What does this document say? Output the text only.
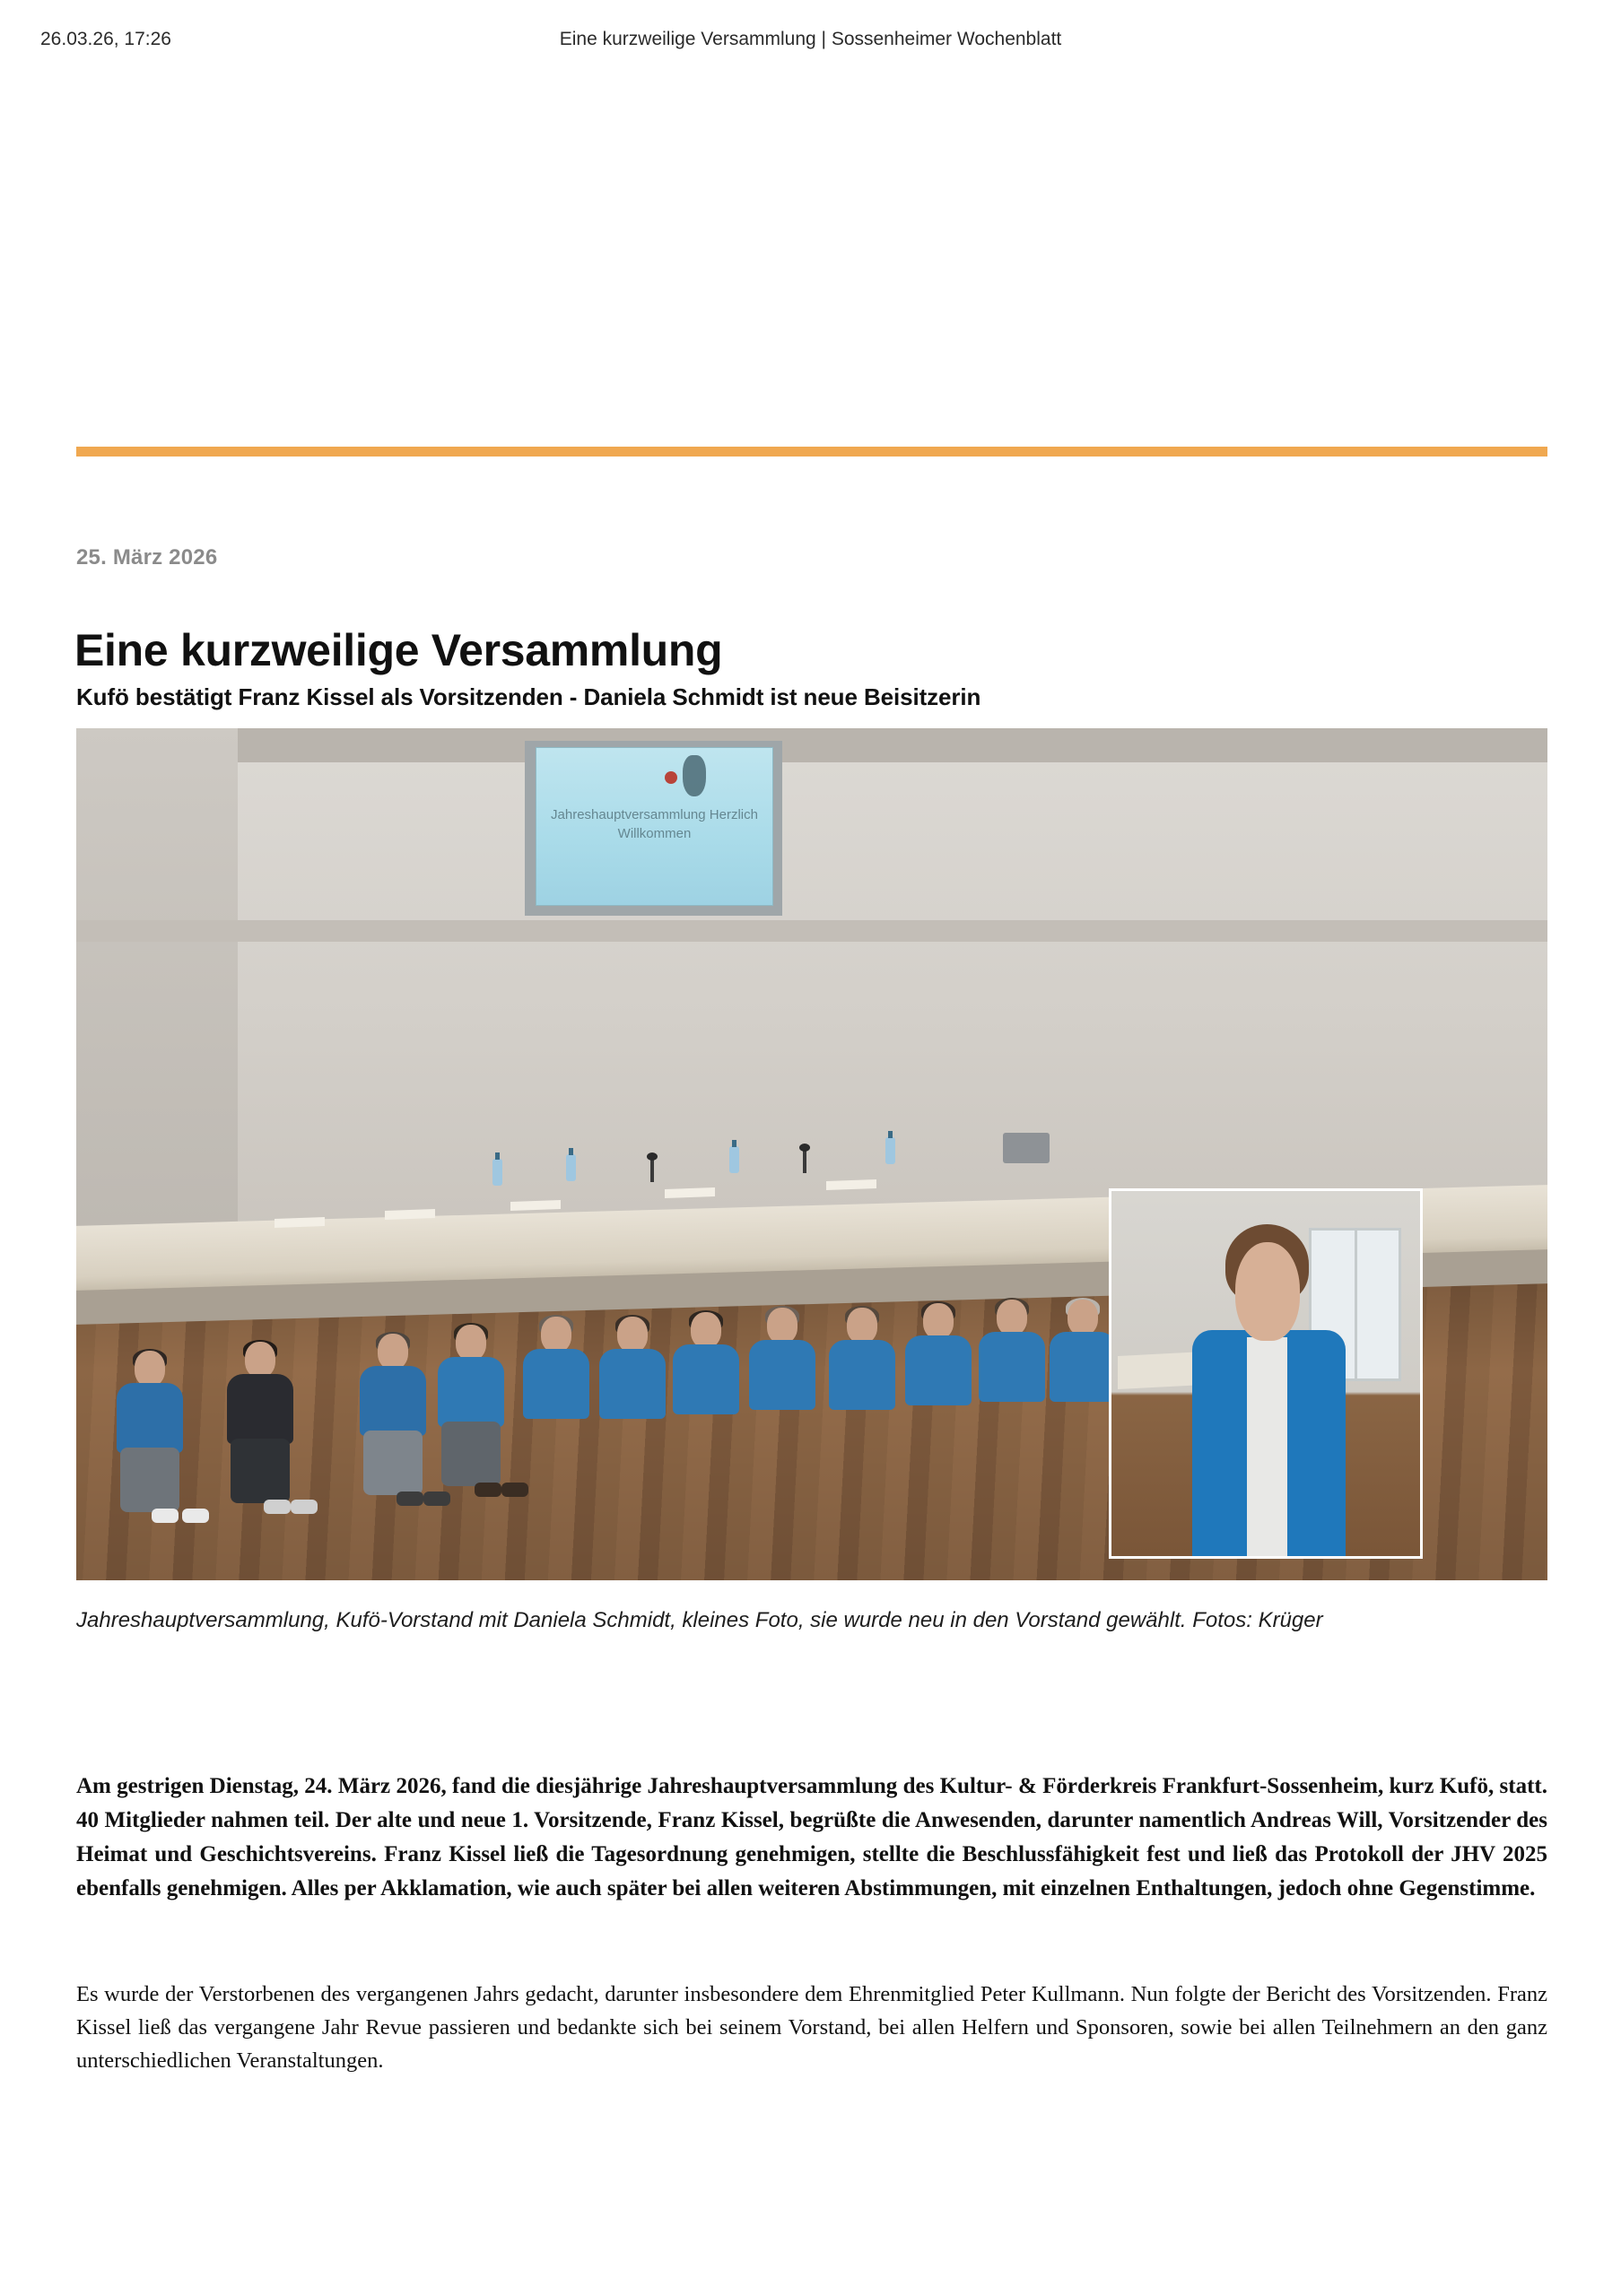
26.03.26, 17:26	Eine kurzweilige Versammlung | Sossenheimer Wochenblatt
25. März 2026
Eine kurzweilige Versammlung
Kufö bestätigt Franz Kissel als Vorsitzenden - Daniela Schmidt ist neue Beisitzerin
Jahreshauptversammlung Herzlich Willkommen
Jahreshauptversammlung, Kufö-Vorstand mit Daniela Schmidt, kleines Foto, sie wurde neu in den Vorstand gewählt. Fotos: Krüger

Am gestrigen Dienstag, 24. März 2026, fand die diesjährige Jahreshauptversammlung des Kultur- & Förderkreis Frankfurt-Sossenheim, kurz Kufö, statt. 40 Mitglieder nahmen teil. Der alte und neue 1. Vorsitzende, Franz Kissel, begrüßte die Anwesenden, darunter namentlich Andreas Will, Vorsitzender des Heimat und Geschichtsvereins. Franz Kissel ließ die Tagesordnung genehmigen, stellte die Beschlussfähigkeit fest und ließ das Protokoll der JHV 2025 ebenfalls genehmigen. Alles per Akklamation, wie auch später bei allen weiteren Abstimmungen, mit einzelnen Enthaltungen, jedoch ohne Gegenstimme.

Es wurde der Verstorbenen des vergangenen Jahrs gedacht, darunter insbesondere dem Ehrenmitglied Peter Kullmann. Nun folgte der Bericht des Vorsitzenden. Franz Kissel ließ das vergangene Jahr Revue passieren und bedankte sich bei seinem Vorstand, bei allen Helfern und Sponsoren, sowie bei allen Teilnehmern an den ganz unterschiedlichen Veranstaltungen.
